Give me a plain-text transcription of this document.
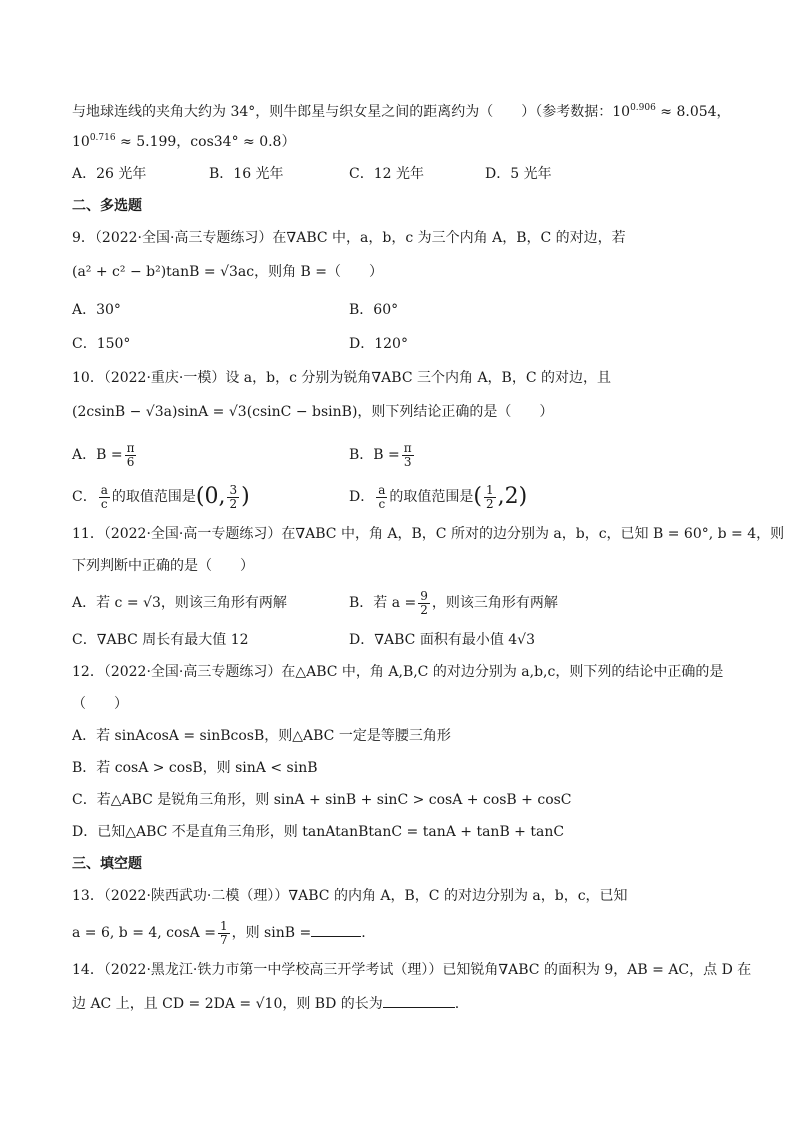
与地球连线的夹角大约为 34°，则牛郎星与织女星之间的距离约为（　　）（参考数据：$10^{0.906} \approx 8.054$，
$10^{0.716} \approx 5.199$，cos34° ≈ 0.8）
A．26 光年	B．16 光年	C．12 光年	D．5 光年
二、多选题
9．（2022·全国·高三专题练习）在∇ABC 中，a，b，c 为三个内角 A，B，C 的对边，若
(a² + c² − b²)tanB = √3ac，则角 B =（　　）
A．30°	B．60°
C．150°	D．120°
10．（2022·重庆·一模）设 a，b，c 分别为锐角∇ABC 三个内角 A，B，C 的对边，且
(2csinB − √3a)sinA = √3(csinC − bsinB)，则下列结论正确的是（　　）
A．$B = \frac{\pi}{6}$	B．$B = \frac{\pi}{3}$
C． $\frac{a}{c}$ 的取值范围是(0, $\frac{3}{2}$ )	D． $\frac{a}{c}$ 的取值范围是( $\frac{1}{2} ,2$)
11．（2022·全国·高一专题练习）在∇ABC 中，角 A，B，C 所对的边分别为 a，b，c，已知 B = 60°, b = 4，则
下列判断中正确的是（　　）
A．若 c = √3，则该三角形有两解	B．若 $a = \frac{9}{2}$ ，则该三角形有两解
C．∇ABC 周长有最大值 12	D．∇ABC 面积有最小值 4√3
12．（2022·全国·高三专题练习）在△ABC 中，角 A,B,C 的对边分别为 a,b,c，则下列的结论中正确的是
（　　）
A．若 sinAcosA = sinBcosB，则△ABC 一定是等腰三角形
B．若 cosA > cosB，则 sinA < sinB
C．若△ABC 是锐角三角形，则 sinA + sinB + sinC > cosA + cosB + cosC
D．已知△ABC 不是直角三角形，则 tanAtanBtanC = tanA + tanB + tanC
三、填空题
13．（2022·陕西武功·二模（理））∇ABC 的内角 A，B，C 的对边分别为 a，b，c，已知
a = 6, b = 4, $\cos A = \frac{1}{7}$ ，则 sinB =	.
14．（2022·黑龙江·铁力市第一中学校高三开学考试（理））已知锐角∇ABC 的面积为 9，AB = AC，点 D 在
边 AC 上，且 CD = 2DA = √10，则 BD 的长为	.
